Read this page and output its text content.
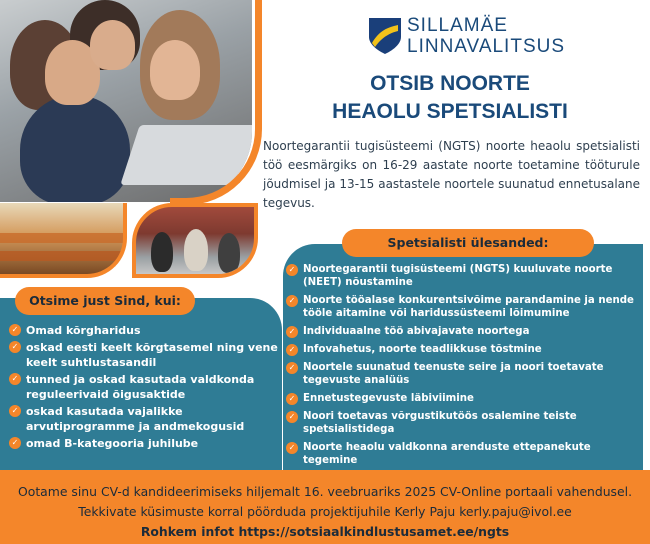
SILLAMÄE
LINNAVALITSUS
OTSIB NOORTE
HEAOLU SPETSIALISTI

Noortegarantii tugisüsteemi (NGTS) noorte heaolu spetsialisti töö eesmärgiks on 16-29 aastate noorte toetamine tööturule jõudmisel ja 13-15 aastastele noortele suunatud ennetusalane tegevus.

Spetsialisti ülesanded:
✓ Noortegarantii tugisüsteemi (NGTS) kuuluvate noorte (NEET) nõustamine
✓ Noorte tööalase konkurentsivõime parandamine ja nende tööle aitamine või haridussüsteemi lõimumine
✓ Individuaalne töö abivajavate noortega
✓ Infovahetus, noorte teadlikkuse tõstmine
✓ Noortele suunatud teenuste seire ja noori toetavate tegevuste analüüs
✓ Ennetustegevuste läbiviimine
✓ Noori toetavas võrgustikutöös osalemine teiste spetsialistidega
✓ Noorte heaolu valdkonna arenduste ettepanekute tegemine
Otsime just Sind, kui:
✓ Omad kõrgharidus
✓ oskad eesti keelt kõrgtasemel ning vene keelt suhtlustasandil
✓ tunned ja oskad kasutada valdkonda reguleerivaid õigusaktide
✓ oskad kasutada vajalikke arvutiprogramme ja andmekogusid
✓ omad B-kategooria juhilube

Ootame sinu CV-d kandideerimiseks hiljemalt 16. veebruariks 2025 CV-Online portaali vahendusel.

Tekkivate küsimuste korral pöörduda projektijuhile Kerly Paju kerly.paju@ivol.ee

Rohkem infot https://sotsiaalkindlustusamet.ee/ngts
